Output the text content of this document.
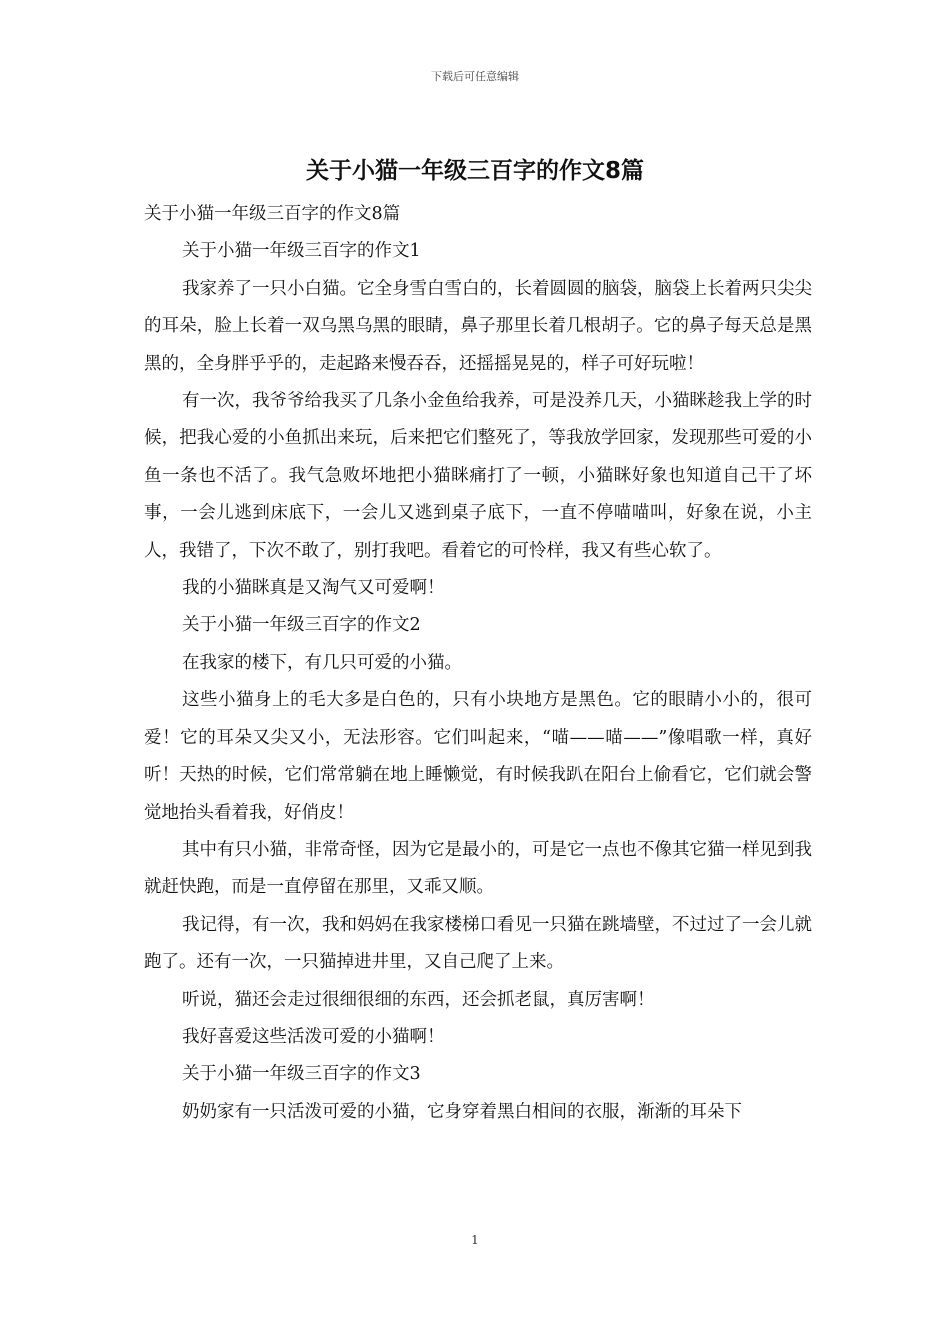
下载后可任意编辑
关于小猫一年级三百字的作文8篇

关于小猫一年级三百字的作文8篇

关于小猫一年级三百字的作文1

我家养了一只小白猫。它全身雪白雪白的，长着圆圆的脑袋，脑袋上长着两只尖尖的耳朵，脸上长着一双乌黑乌黑的眼睛，鼻子那里长着几根胡子。它的鼻子每天总是黑黑的，全身胖乎乎的，走起路来慢吞吞，还摇摇晃晃的，样子可好玩啦！

有一次，我爷爷给我买了几条小金鱼给我养，可是没养几天，小猫眯趁我上学的时候，把我心爱的小鱼抓出来玩，后来把它们整死了，等我放学回家，发现那些可爱的小鱼一条也不活了。我气急败坏地把小猫眯痛打了一顿，小猫眯好象也知道自己干了坏事，一会儿逃到床底下，一会儿又逃到桌子底下，一直不停喵喵叫，好象在说，小主人，我错了，下次不敢了，别打我吧。看着它的可怜样，我又有些心软了。

我的小猫眯真是又淘气又可爱啊！

关于小猫一年级三百字的作文2

在我家的楼下，有几只可爱的小猫。

这些小猫身上的毛大多是白色的，只有小块地方是黑色。它的眼睛小小的，很可爱！它的耳朵又尖又小，无法形容。它们叫起来，“喵——喵——”像唱歌一样，真好听！天热的时候，它们常常躺在地上睡懒觉，有时候我趴在阳台上偷看它，它们就会警觉地抬头看着我，好俏皮！

其中有只小猫，非常奇怪，因为它是最小的，可是它一点也不像其它猫一样见到我就赶快跑，而是一直停留在那里，又乖又顺。

我记得，有一次，我和妈妈在我家楼梯口看见一只猫在跳墙壁，不过过了一会儿就跑了。还有一次，一只猫掉进井里，又自己爬了上来。

听说，猫还会走过很细很细的东西，还会抓老鼠，真厉害啊！

我好喜爱这些活泼可爱的小猫啊！

关于小猫一年级三百字的作文3

奶奶家有一只活泼可爱的小猫，它身穿着黑白相间的衣服，渐渐的耳朵下

1
